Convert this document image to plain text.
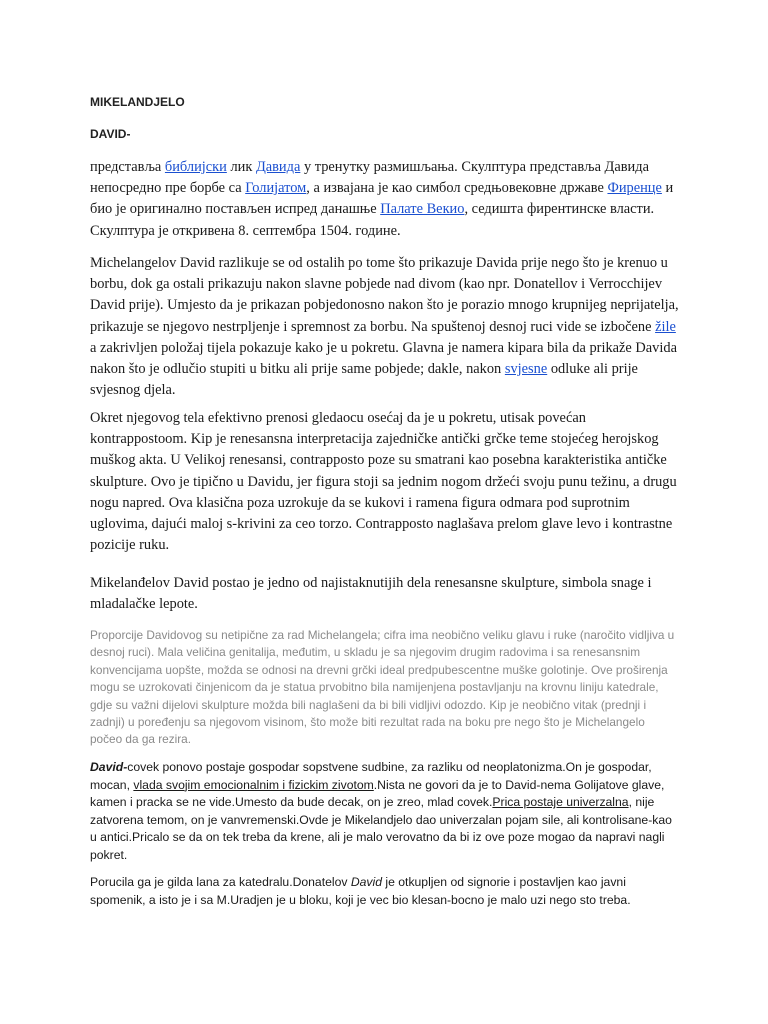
MIKELANDJELO
DAVID-

представља библијски лик Давида у тренутку размишљања. Скулптура представља Давида непосредно пре борбе са Голијатом, а извајана је као симбол средњовековне државе Фиренце и био је оригинално постављен испред данашње Палате Векио, седишта фирентинске власти. Скулптура је откривена 8. септембра 1504. године.

Michelangelov David razlikuje se od ostalih po tome što prikazuje Davida prije nego što je krenuo u borbu, dok ga ostali prikazuju nakon slavne pobjede nad divom (kao npr. Donatellov i Verrocchijev David prije). Umjesto da je prikazan pobjedonosno nakon što je porazio mnogo krupnijeg neprijatelja, prikazuje se njegovo nestrpljenje i spremnost za borbu. Na spuštenoj desnoj ruci vide se izbočene žile a zakrivljen položaj tijela pokazuje kako je u pokretu. Glavna je namera kipara bila da prikaže Davida nakon što je odlučio stupiti u bitku ali prije same pobjede; dakle, nakon svjesne odluke ali prije svjesnog djela.

Okret njegovog tela efektivno prenosi gledaocu osećaj da je u pokretu, utisak povećan kontrappostoom. Kip je renesansna interpretacija zajedničke antički grčke teme stojećeg herojskog muškog akta. U Velikoj renesansi, contrapposto poze su smatrani kao posebna karakteristika antičke skulpture. Ovo je tipično u Davidu, jer figura stoji sa jednim nogom držeći svoju punu težinu, a drugu nogu napred. Ova klasična poza uzrokuje da se kukovi i ramena figura odmara pod suprotnim uglovima, dajući maloj s-krivini za ceo torzo. Contrapposto naglašava prelom glave levo i kontrastne pozicije ruku.

Mikelanđelov David postao je jedno od najistaknutijih dela renesansne skulpture, simbola snage i mladalačke lepote.

Proporcije Davidovog su netipične za rad Michelangela; cifra ima neobično veliku glavu i ruke (naročito vidljiva u desnoj ruci). Mala veličina genitalija, međutim, u skladu je sa njegovim drugim radovima i sa renesansnim konvencijama uopšte, možda se odnosi na drevni grčki ideal predpubescentne muške golotinje. Ove proširenja mogu se uzrokovati činjenicom da je statua prvobitno bila namijenjena postavljanju na krovnu liniju katedrale, gdje su važni dijelovi skulpture možda bili naglašeni da bi bili vidljivi odozdo. Kip je neobično vitak (prednji i zadnji) u poređenju sa njegovom visinom, što može biti rezultat rada na boku pre nego što je Michelangelo počeo da ga rezira.

David-covek ponovo postaje gospodar sopstvene sudbine, za razliku od neoplatonizma.On je gospodar, mocan, vlada svojim emocionalnim i fizickim zivotom.Nista ne govori da je to David-nema Golijatove glave, kamen i pracka se ne vide.Umesto da bude decak, on je zreo, mlad covek.Prica postaje univerzalna, nije zatvorena temom, on je vanvremenski.Ovde je Mikelandjelo dao univerzalan pojam sile, ali kontrolisane-kao u antici.Pricalo se da on tek treba da krene, ali je malo verovatno da bi iz ove poze mogao da napravi nagli pokret.

Porucila ga je gilda lana za katedralu.Donatelov David je otkupljen od signorie i postavljen kao javni spomenik, a isto je i sa M.Uradjen je u bloku, koji je vec bio klesan-bocno je malo uzi nego sto treba.
